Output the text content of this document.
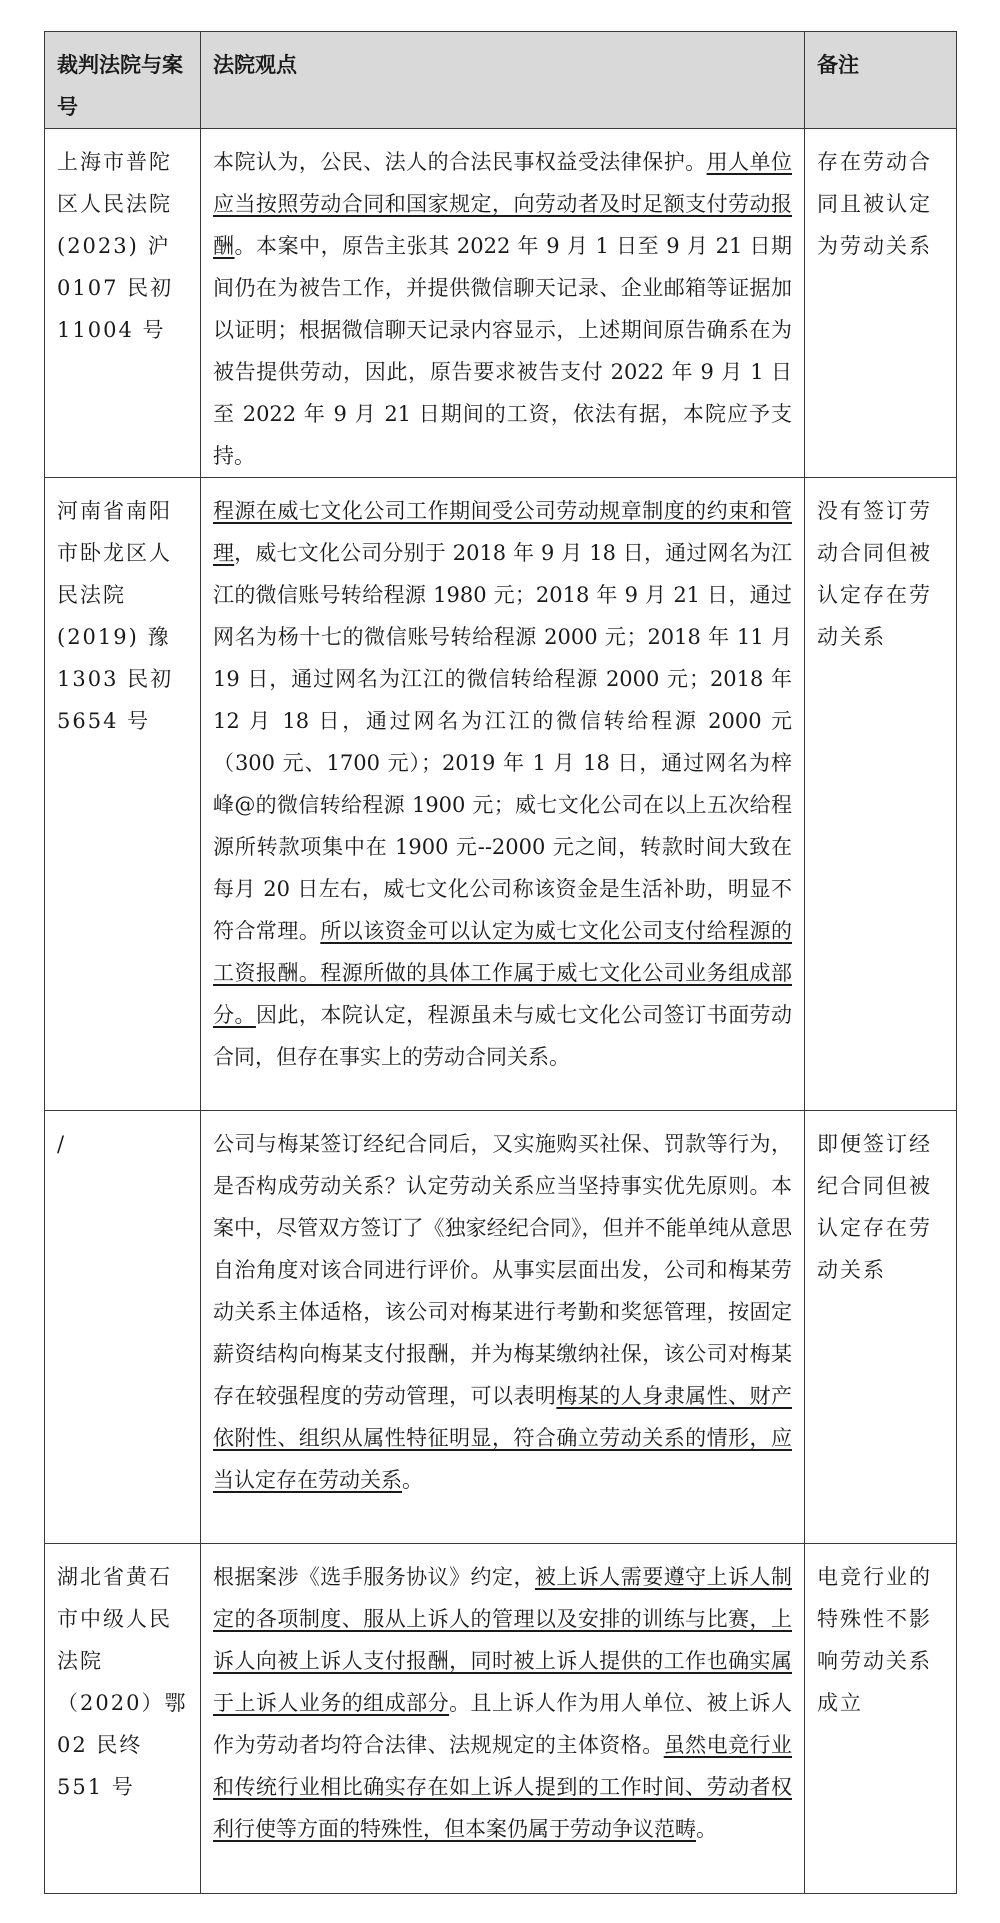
裁判法院与案号	法院观点	备注
上海市普陀区人民法院(2023) 沪 0107 民初 11004 号	本院认为，公民、法人的合法民事权益受法律保护。用人单位应当按照劳动合同和国家规定，向劳动者及时足额支付劳动报酬。本案中，原告主张其 2022 年 9 月 1 日至 9 月 21 日期间仍在为被告工作，并提供微信聊天记录、企业邮箱等证据加以证明；根据微信聊天记录内容显示，上述期间原告确系在为被告提供劳动，因此，原告要求被告支付 2022 年 9 月 1 日至 2022 年 9 月 21 日期间的工资，依法有据，本院应予支持。	存在劳动合同且被认定为劳动关系
河南省南阳市卧龙区人民法院 (2019) 豫 1303 民初 5654 号	程源在威七文化公司工作期间受公司劳动规章制度的约束和管理，威七文化公司分别于 2018 年 9 月 18 日，通过网名为江江的微信账号转给程源 1980 元；2018 年 9 月 21 日，通过网名为杨十七的微信账号转给程源 2000 元；2018 年 11 月 19 日，通过网名为江江的微信转给程源 2000 元；2018 年 12 月 18 日，通过网名为江江的微信转给程源 2000 元（300 元、1700 元）；2019 年 1 月 18 日，通过网名为梓峰@的微信转给程源 1900 元；威七文化公司在以上五次给程源所转款项集中在 1900 元--2000 元之间，转款时间大致在每月 20 日左右，威七文化公司称该资金是生活补助，明显不符合常理。所以该资金可以认定为威七文化公司支付给程源的工资报酬。程源所做的具体工作属于威七文化公司业务组成部分。因此，本院认定，程源虽未与威七文化公司签订书面劳动合同，但存在事实上的劳动合同关系。	没有签订劳动合同但被认定存在劳动关系
/	公司与梅某签订经纪合同后，又实施购买社保、罚款等行为，是否构成劳动关系？认定劳动关系应当坚持事实优先原则。本案中，尽管双方签订了《独家经纪合同》，但并不能单纯从意思自治角度对该合同进行评价。从事实层面出发，公司和梅某劳动关系主体适格，该公司对梅某进行考勤和奖惩管理，按固定薪资结构向梅某支付报酬，并为梅某缴纳社保，该公司对梅某存在较强程度的劳动管理，可以表明梅某的人身隶属性、财产依附性、组织从属性特征明显，符合确立劳动关系的情形，应当认定存在劳动关系。	即便签订经纪合同但被认定存在劳动关系
湖北省黄石市中级人民法院（2020）鄂 02 民终 551 号	根据案涉《选手服务协议》约定，被上诉人需要遵守上诉人制定的各项制度、服从上诉人的管理以及安排的训练与比赛，上诉人向被上诉人支付报酬，同时被上诉人提供的工作也确实属于上诉人业务的组成部分。且上诉人作为用人单位、被上诉人作为劳动者均符合法律、法规规定的主体资格。虽然电竞行业和传统行业相比确实存在如上诉人提到的工作时间、劳动者权利行使等方面的特殊性，但本案仍属于劳动争议范畴。	电竞行业的特殊性不影响劳动关系成立
